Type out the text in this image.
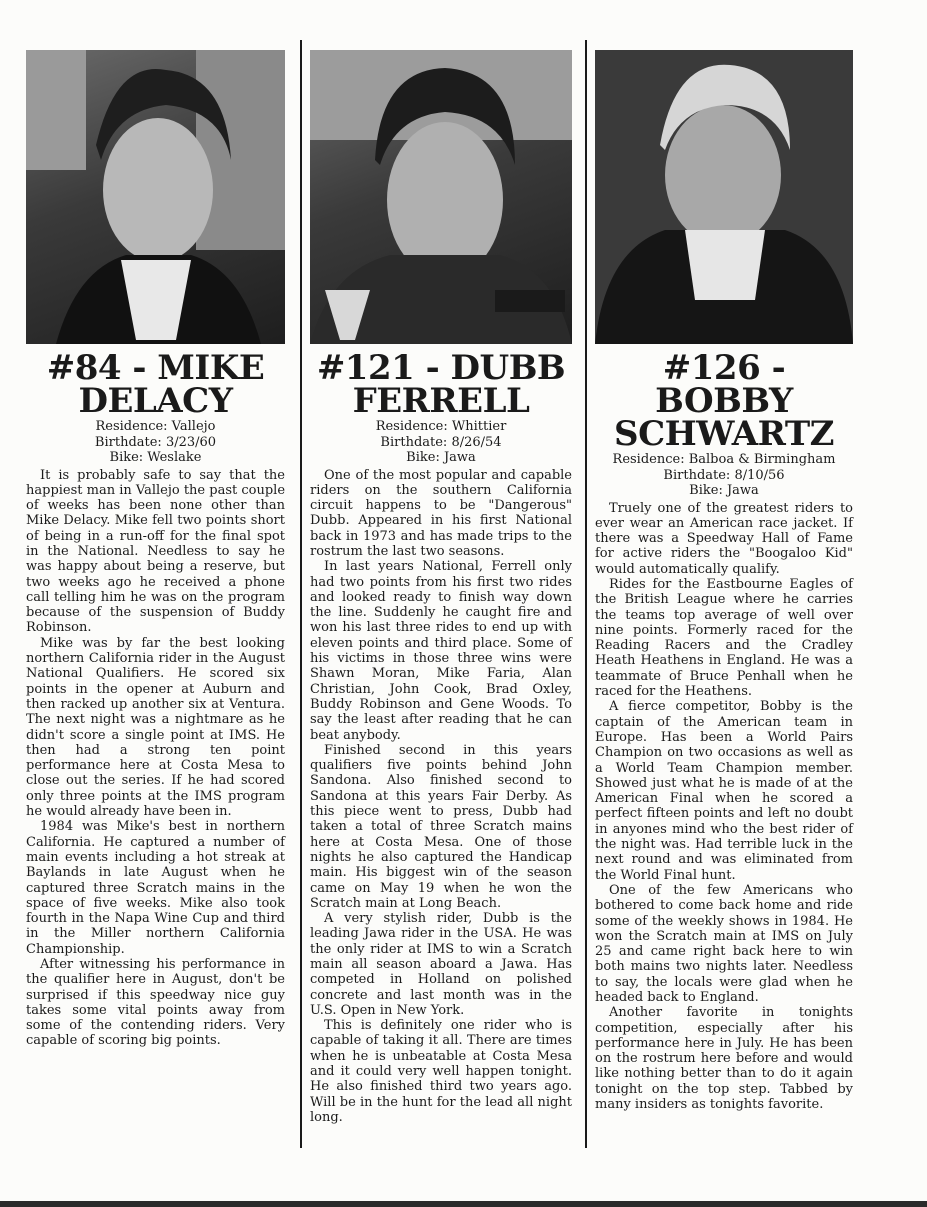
#84 - MIKE DELACY
Residence: Vallejo
Birthdate: 3/23/60
Bike: Weslake

It is probably safe to say that the happiest man in Vallejo the past couple of weeks has been none other than Mike Delacy. Mike fell two points short of being in a run-off for the final spot in the National. Needless to say he was happy about being a reserve, but two weeks ago he received a phone call telling him he was on the program because of the suspension of Buddy Robinson.

Mike was by far the best looking northern California rider in the August National Qualifiers. He scored six points in the opener at Auburn and then racked up another six at Ventura. The next night was a nightmare as he didn't score a single point at IMS. He then had a strong ten point performance here at Costa Mesa to close out the series. If he had scored only three points at the IMS program he would already have been in.

1984 was Mike's best in northern California. He captured a number of main events including a hot streak at Baylands in late August when he captured three Scratch mains in the space of five weeks. Mike also took fourth in the Napa Wine Cup and third in the Miller northern California Championship.

After witnessing his performance in the qualifier here in August, don't be surprised if this speedway nice guy takes some vital points away from some of the contending riders. Very capable of scoring big points.

#121 - DUBB FERRELL
Residence: Whittier
Birthdate: 8/26/54
Bike: Jawa

One of the most popular and capable riders on the southern California circuit happens to be "Dangerous" Dubb. Appeared in his first National back in 1973 and has made trips to the rostrum the last two seasons.

In last years National, Ferrell only had two points from his first two rides and looked ready to finish way down the line. Suddenly he caught fire and won his last three rides to end up with eleven points and third place. Some of his victims in those three wins were Shawn Moran, Mike Faria, Alan Christian, John Cook, Brad Oxley, Buddy Robinson and Gene Woods. To say the least after reading that he can beat anybody.

Finished second in this years qualifiers five points behind John Sandona. Also finished second to Sandona at this years Fair Derby. As this piece went to press, Dubb had taken a total of three Scratch mains here at Costa Mesa. One of those nights he also captured the Handicap main. His biggest win of the season came on May 19 when he won the Scratch main at Long Beach.

A very stylish rider, Dubb is the leading Jawa rider in the USA. He was the only rider at IMS to win a Scratch main all season aboard a Jawa. Has competed in Holland on polished concrete and last month was in the U.S. Open in New York.

This is definitely one rider who is capable of taking it all. There are times when he is unbeatable at Costa Mesa and it could very well happen tonight. He also finished third two years ago. Will be in the hunt for the lead all night long.

#126 - BOBBY SCHWARTZ
Residence: Balboa & Birmingham
Birthdate: 8/10/56
Bike: Jawa

Truely one of the greatest riders to ever wear an American race jacket. If there was a Speedway Hall of Fame for active riders the "Boogaloo Kid" would automatically qualify.

Rides for the Eastbourne Eagles of the British League where he carries the teams top average of well over nine points. Formerly raced for the Reading Racers and the Cradley Heath Heathens in England. He was a teammate of Bruce Penhall when he raced for the Heathens.

A fierce competitor, Bobby is the captain of the American team in Europe. Has been a World Pairs Champion on two occasions as well as a World Team Champion member. Showed just what he is made of at the American Final when he scored a perfect fifteen points and left no doubt in anyones mind who the best rider of the night was. Had terrible luck in the next round and was eliminated from the World Final hunt.

One of the few Americans who bothered to come back home and ride some of the weekly shows in 1984. He won the Scratch main at IMS on July 25 and came right back here to win both mains two nights later. Needless to say, the locals were glad when he headed back to England.

Another favorite in tonights competition, especially after his performance here in July. He has been on the rostrum here before and would like nothing better than to do it again tonight on the top step. Tabbed by many insiders as tonights favorite.
